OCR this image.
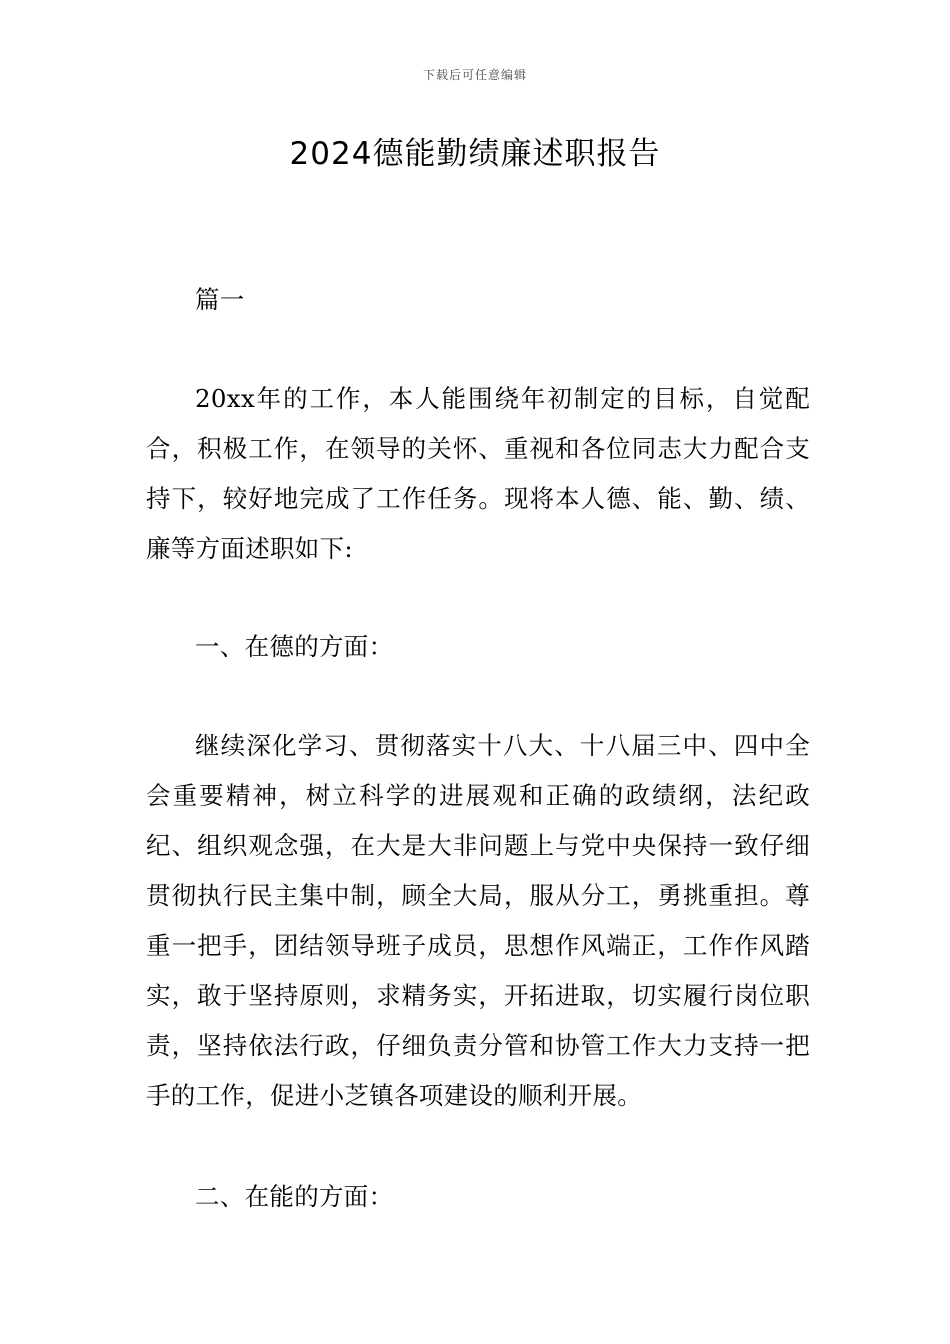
下载后可任意编辑
2024德能勤绩廉述职报告

篇一

20xx年的工作，本人能围绕年初制定的目标，自觉配合，积极工作，在领导的关怀、重视和各位同志大力配合支持下，较好地完成了工作任务。现将本人德、能、勤、绩、廉等方面述职如下:

一、在德的方面：

继续深化学习、贯彻落实十八大、十八届三中、四中全会重要精神，树立科学的进展观和正确的政绩纲，法纪政纪、组织观念强，在大是大非问题上与党中央保持一致仔细贯彻执行民主集中制，顾全大局，服从分工，勇挑重担。尊重一把手，团结领导班子成员，思想作风端正，工作作风踏实，敢于坚持原则，求精务实，开拓进取，切实履行岗位职责，坚持依法行政，仔细负责分管和协管工作大力支持一把手的工作，促进小芝镇各项建设的顺利开展。

二、在能的方面：
